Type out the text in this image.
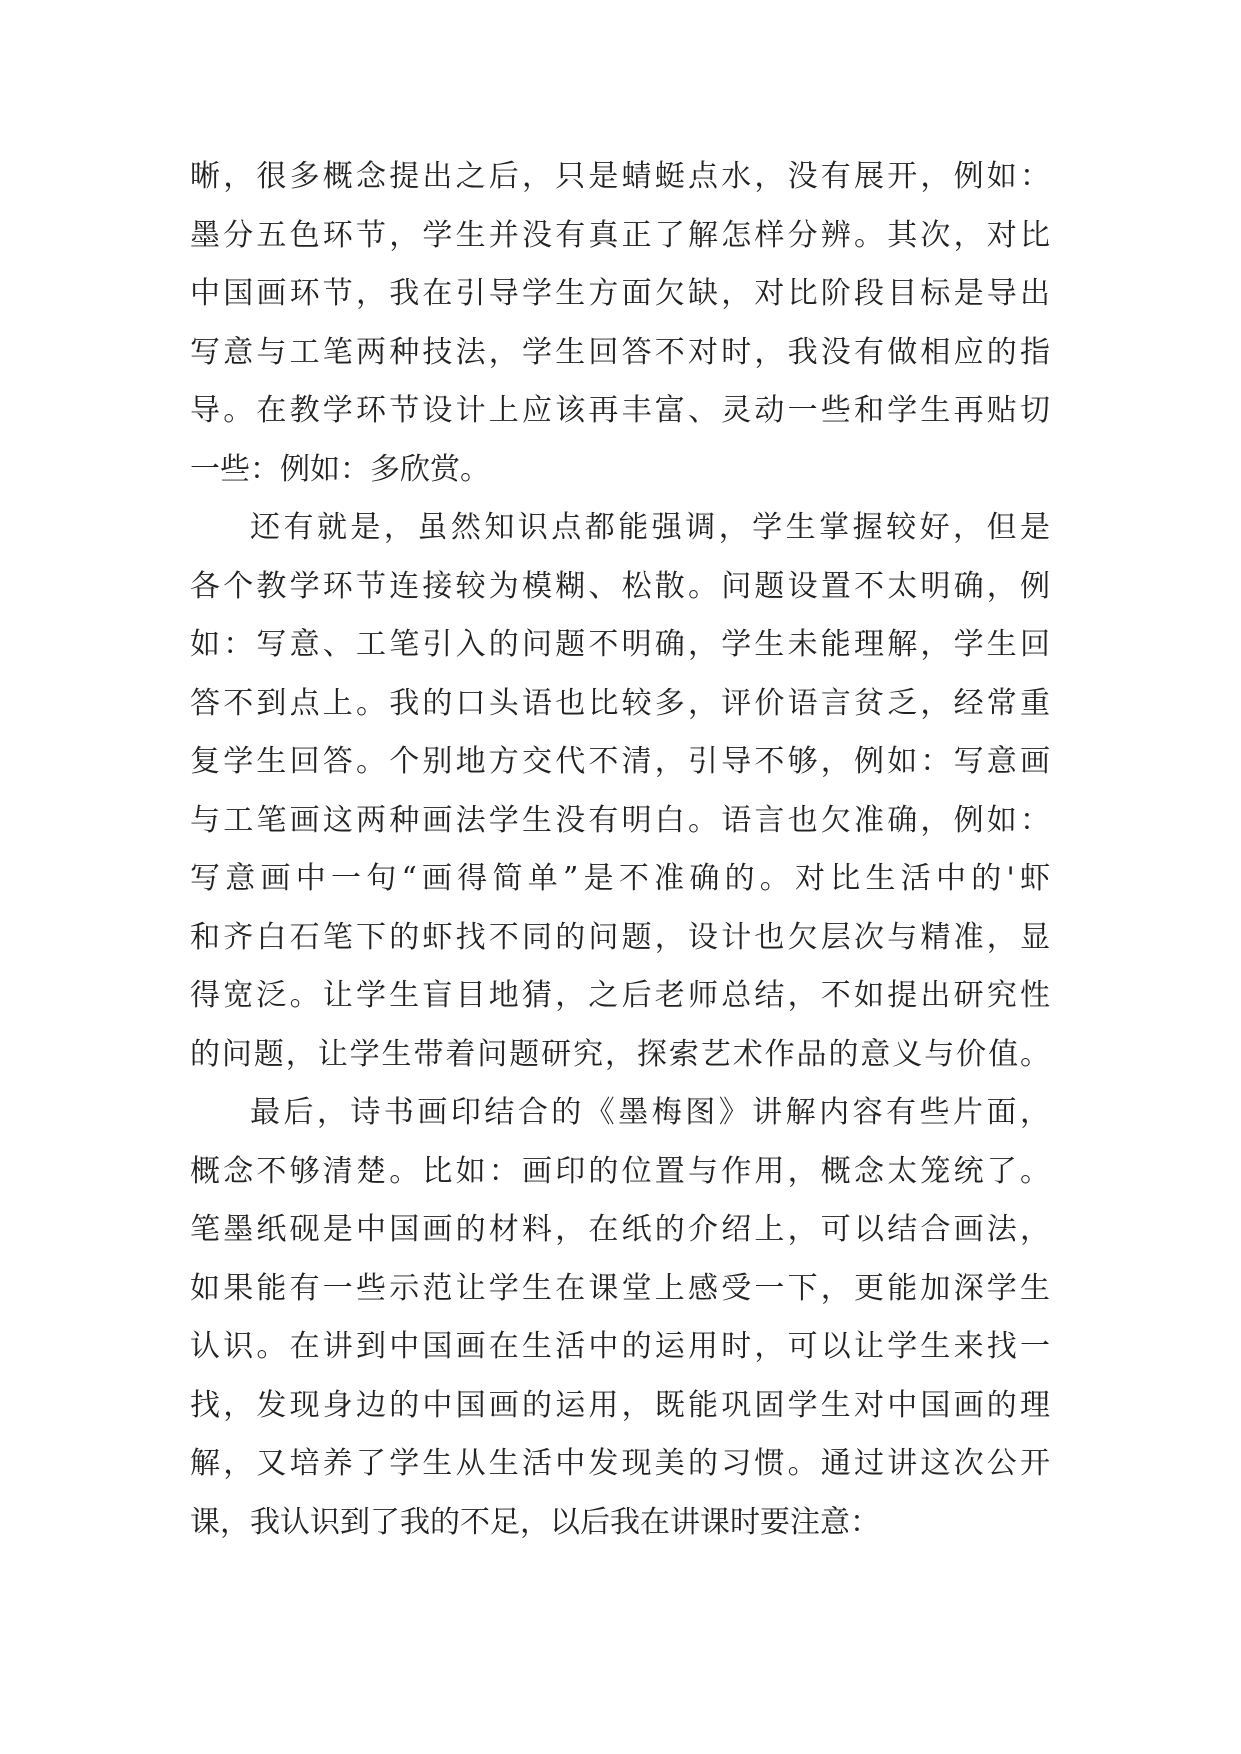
晰，很多概念提出之后，只是蜻蜓点水，没有展开，例如：
墨分五色环节，学生并没有真正了解怎样分辨。其次，对比
中国画环节，我在引导学生方面欠缺，对比阶段目标是导出
写意与工笔两种技法，学生回答不对时，我没有做相应的指
导。在教学环节设计上应该再丰富、灵动一些和学生再贴切
一些：例如：多欣赏。
还有就是，虽然知识点都能强调，学生掌握较好，但是
各个教学环节连接较为模糊、松散。问题设置不太明确，例
如：写意、工笔引入的问题不明确，学生未能理解，学生回
答不到点上。我的口头语也比较多，评价语言贫乏，经常重
复学生回答。个别地方交代不清，引导不够，例如：写意画
与工笔画这两种画法学生没有明白。语言也欠准确，例如：
写意画中一句“画得简单”是不准确的。对比生活中的'虾
和齐白石笔下的虾找不同的问题，设计也欠层次与精准，显
得宽泛。让学生盲目地猜，之后老师总结，不如提出研究性
的问题，让学生带着问题研究，探索艺术作品的意义与价值。
最后，诗书画印结合的《墨梅图》讲解内容有些片面，
概念不够清楚。比如：画印的位置与作用，概念太笼统了。
笔墨纸砚是中国画的材料，在纸的介绍上，可以结合画法，
如果能有一些示范让学生在课堂上感受一下，更能加深学生
认识。在讲到中国画在生活中的运用时，可以让学生来找一
找，发现身边的中国画的运用，既能巩固学生对中国画的理
解，又培养了学生从生活中发现美的习惯。通过讲这次公开
课，我认识到了我的不足，以后我在讲课时要注意：
